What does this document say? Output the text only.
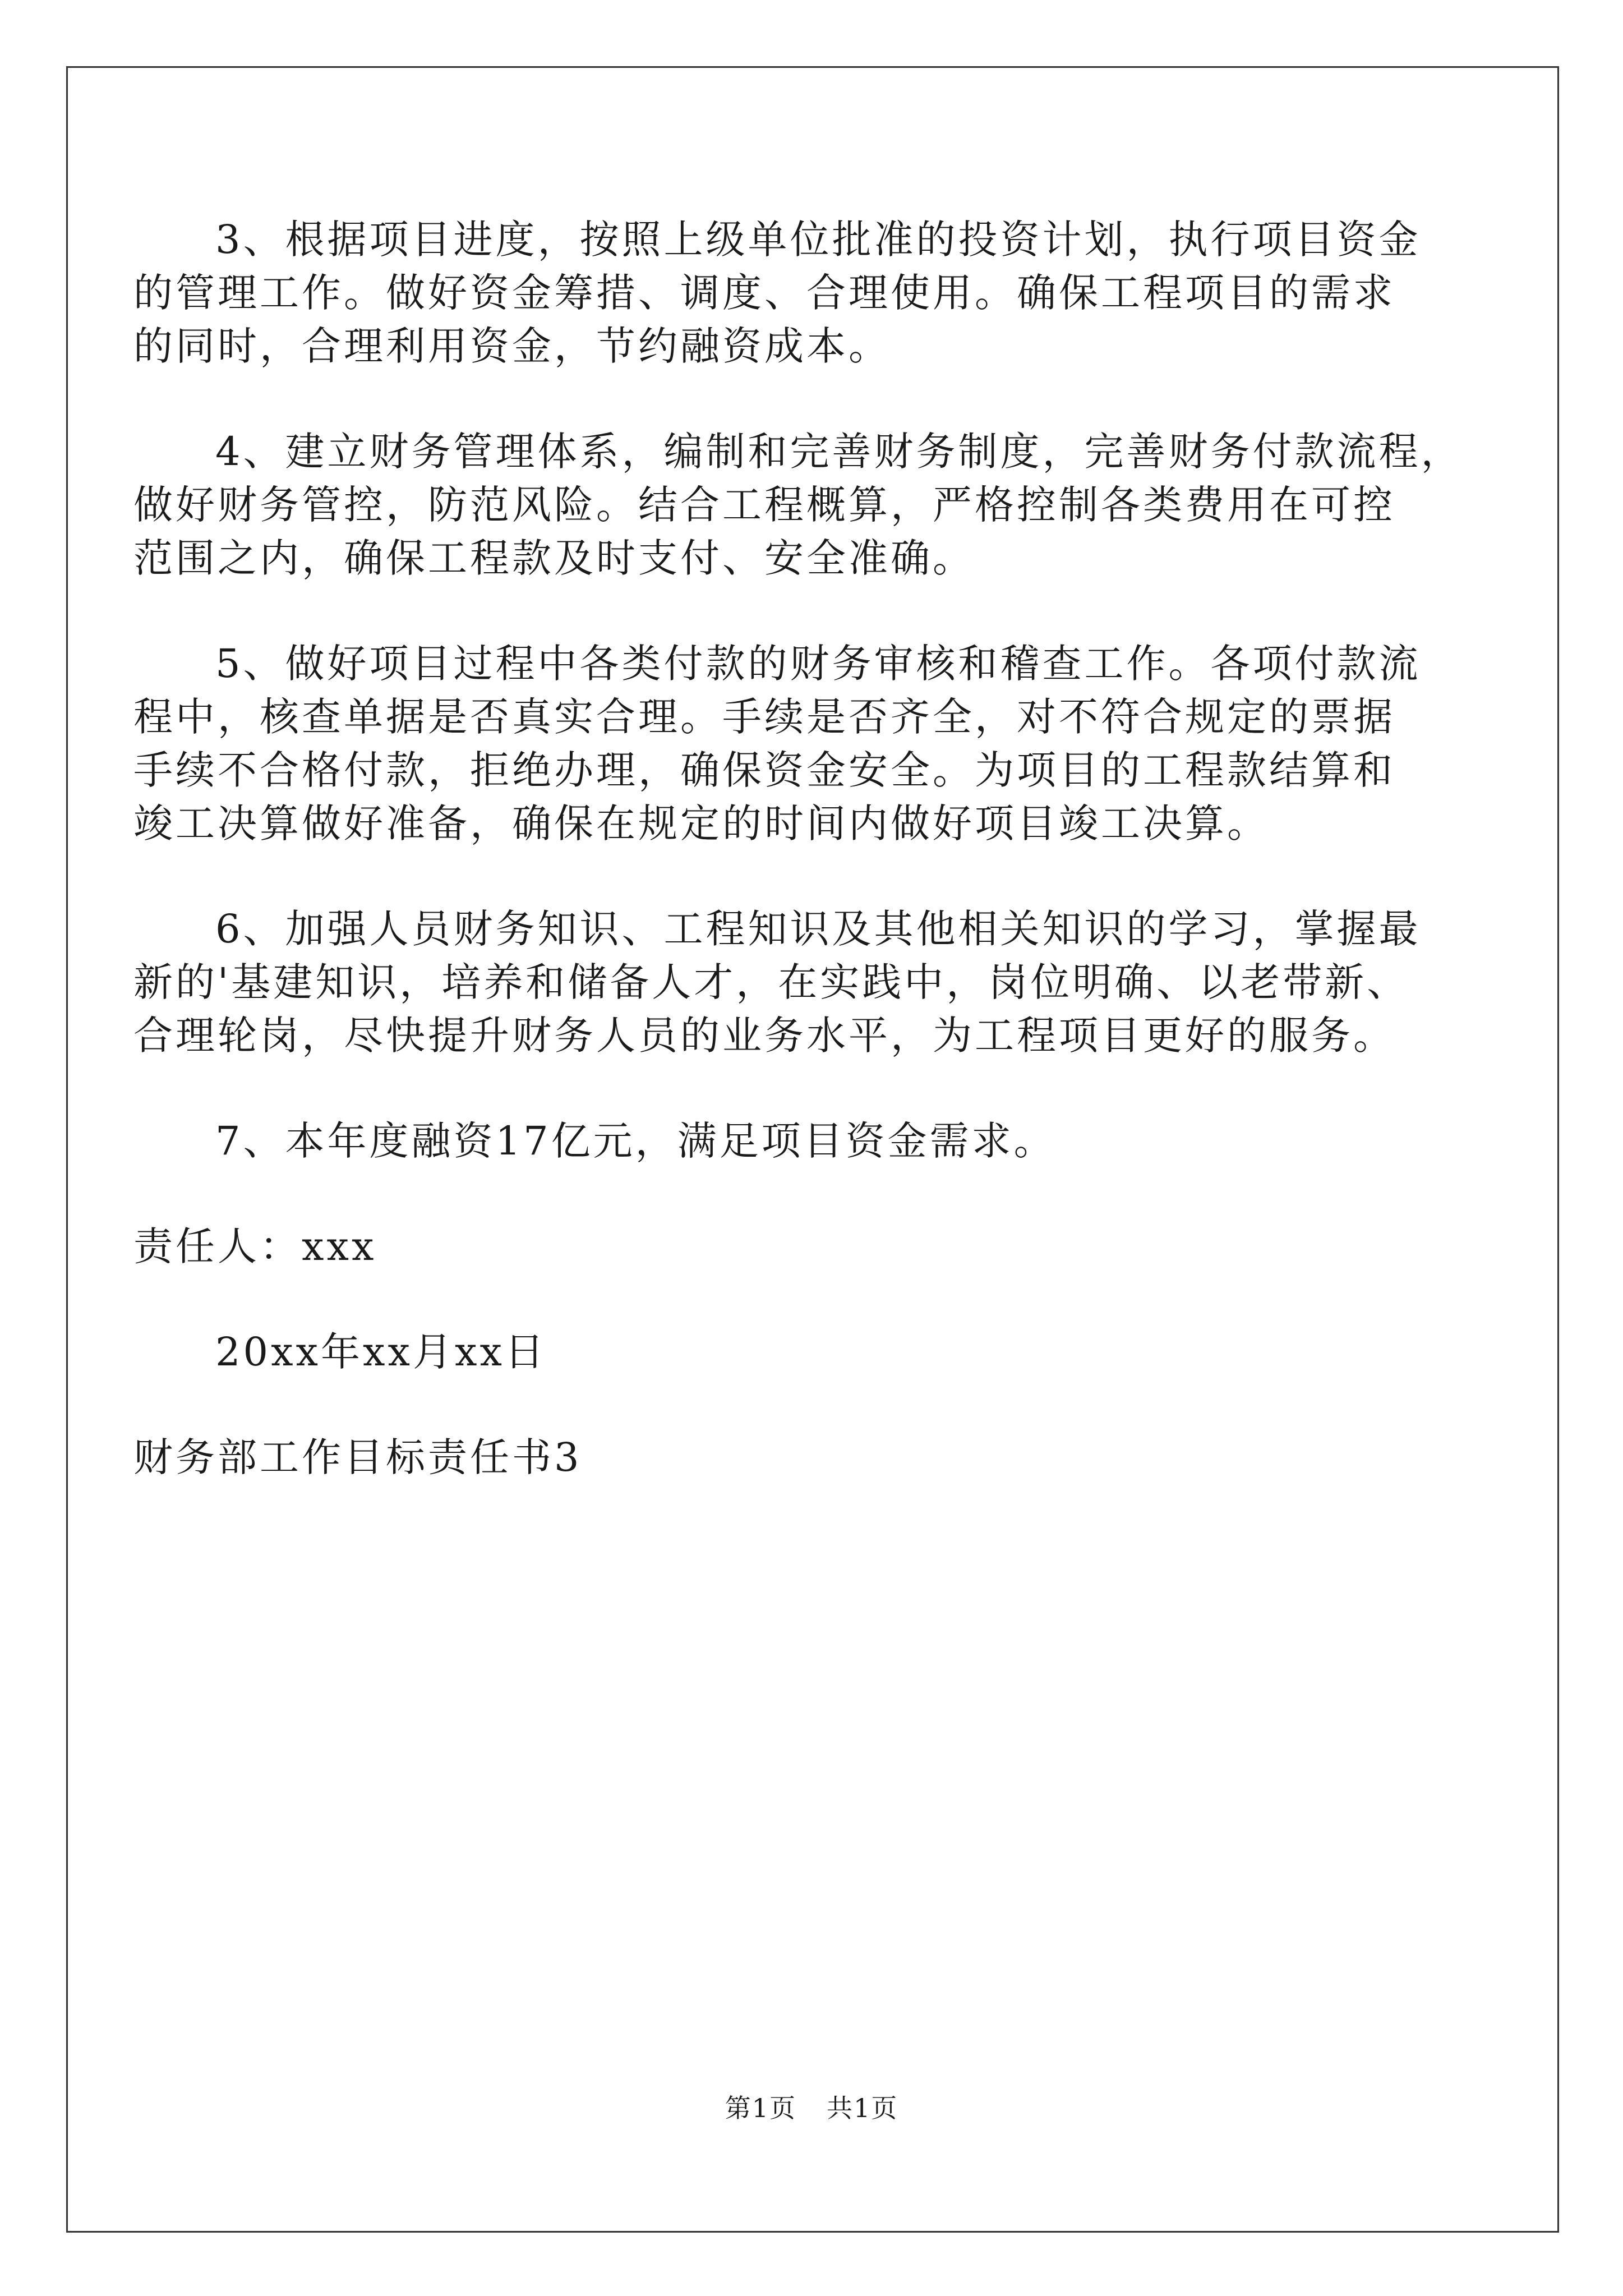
3、根据项目进度，按照上级单位批准的投资计划，执行项目资金

的管理工作。做好资金筹措、调度、合理使用。确保工程项目的需求

的同时，合理利用资金，节约融资成本。

4、建立财务管理体系，编制和完善财务制度，完善财务付款流程，

做好财务管控，防范风险。结合工程概算，严格控制各类费用在可控

范围之内，确保工程款及时支付、安全准确。

5、做好项目过程中各类付款的财务审核和稽查工作。各项付款流

程中，核查单据是否真实合理。手续是否齐全，对不符合规定的票据

手续不合格付款，拒绝办理，确保资金安全。为项目的工程款结算和

竣工决算做好准备，确保在规定的时间内做好项目竣工决算。

6、加强人员财务知识、工程知识及其他相关知识的学习，掌握最

新的'基建知识，培养和储备人才，在实践中，岗位明确、以老带新、

合理轮岗，尽快提升财务人员的业务水平，为工程项目更好的服务。

7、本年度融资17亿元，满足项目资金需求。

责任人：xxx

20xx年xx月xx日

财务部工作目标责任书3

第1页 共1页
